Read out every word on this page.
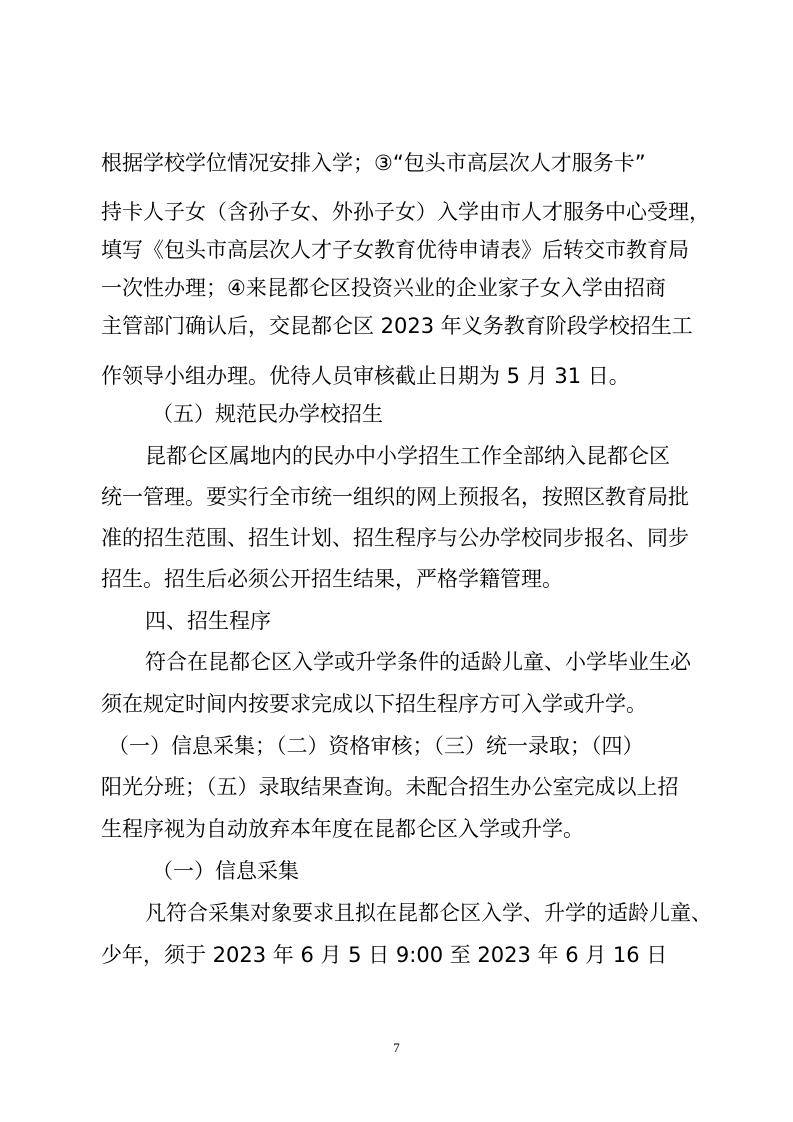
根据学校学位情况安排入学；③“包头市高层次人才服务卡”
持卡人子女（含孙子女、外孙子女）入学由市人才服务中心受理，
填写《包头市高层次人才子女教育优待申请表》后转交市教育局
一次性办理；④来昆都仑区投资兴业的企业家子女入学由招商
主管部门确认后，交昆都仑区 2023 年义务教育阶段学校招生工
作领导小组办理。优待人员审核截止日期为 5 月 31 日。
（五）规范民办学校招生
昆都仑区属地内的民办中小学招生工作全部纳入昆都仑区
统一管理。要实行全市统一组织的网上预报名，按照区教育局批
准的招生范围、招生计划、招生程序与公办学校同步报名、同步
招生。招生后必须公开招生结果，严格学籍管理。
四、招生程序
符合在昆都仑区入学或升学条件的适龄儿童、小学毕业生必
须在规定时间内按要求完成以下招生程序方可入学或升学。
（一）信息采集；（二）资格审核；（三）统一录取；（四）
阳光分班；（五）录取结果查询。未配合招生办公室完成以上招
生程序视为自动放弃本年度在昆都仑区入学或升学。
（一）信息采集
凡符合采集对象要求且拟在昆都仑区入学、升学的适龄儿童、
少年，须于 2023 年 6 月 5 日 9:00 至 2023 年 6 月 16 日
7
